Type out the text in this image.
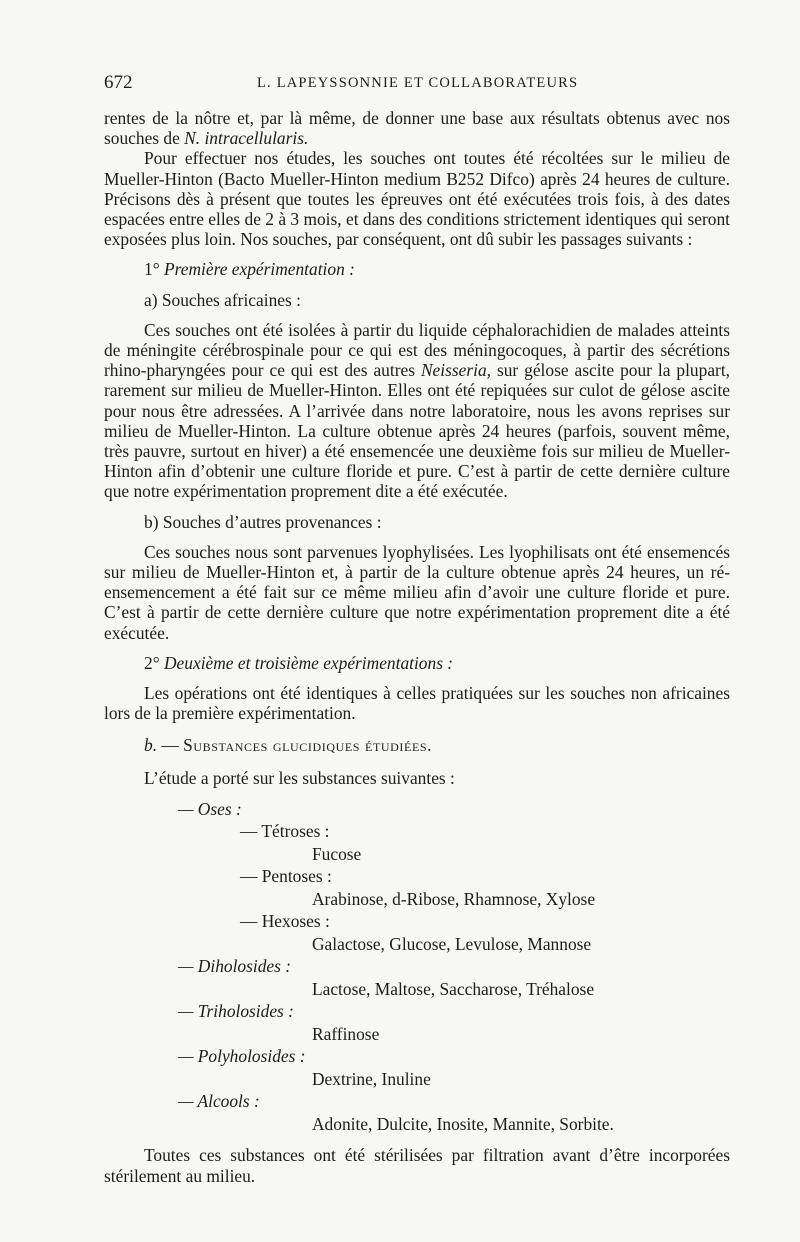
672	L. LAPEYSSONNIE ET COLLABORATEURS

rentes de la nôtre et, par là même, de donner une base aux résultats obtenus avec nos souches de N. intracellularis.

Pour effectuer nos études, les souches ont toutes été récoltées sur le milieu de Mueller-Hinton (Bacto Mueller-Hinton medium B252 Difco) après 24 heures de culture. Précisons dès à présent que toutes les épreuves ont été exécutées trois fois, à des dates espacées entre elles de 2 à 3 mois, et dans des conditions strictement identiques qui seront exposées plus loin. Nos souches, par conséquent, ont dû subir les passages suivants :

1° Première expérimentation :

a) Souches africaines :

Ces souches ont été isolées à partir du liquide céphalorachidien de malades atteints de méningite cérébrospinale pour ce qui est des méningocoques, à partir des sécrétions rhino-pharyngées pour ce qui est des autres Neisseria, sur gélose ascite pour la plupart, rarement sur milieu de Mueller-Hinton. Elles ont été repiquées sur culot de gélose ascite pour nous être adressées. A l’arrivée dans notre laboratoire, nous les avons reprises sur milieu de Mueller-Hinton. La culture obtenue après 24 heures (parfois, souvent même, très pauvre, surtout en hiver) a été ensemencée une deuxième fois sur milieu de Mueller-Hinton afin d’obtenir une culture floride et pure. C’est à partir de cette dernière culture que notre expérimentation proprement dite a été exécutée.

b) Souches d’autres provenances :

Ces souches nous sont parvenues lyophylisées. Les lyophilisats ont été ensemencés sur milieu de Mueller-Hinton et, à partir de la culture obtenue après 24 heures, un ré-ensemencement a été fait sur ce même milieu afin d’avoir une culture floride et pure. C’est à partir de cette dernière culture que notre expérimentation proprement dite a été exécutée.

2° Deuxième et troisième expérimentations :

Les opérations ont été identiques à celles pratiquées sur les souches non africaines lors de la première expérimentation.

b. — Substances glucidiques étudiées.

L’étude a porté sur les substances suivantes :

— Oses :
— Tétroses :
Fucose
— Pentoses :
Arabinose, d-Ribose, Rhamnose, Xylose
— Hexoses :
Galactose, Glucose, Levulose, Mannose
— Diholosides :
Lactose, Maltose, Saccharose, Tréhalose
— Triholosides :
Raffinose
— Polyholosides :
Dextrine, Inuline
— Alcools :
Adonite, Dulcite, Inosite, Mannite, Sorbite.

Toutes ces substances ont été stérilisées par filtration avant d’être incorporées stérilement au milieu.
